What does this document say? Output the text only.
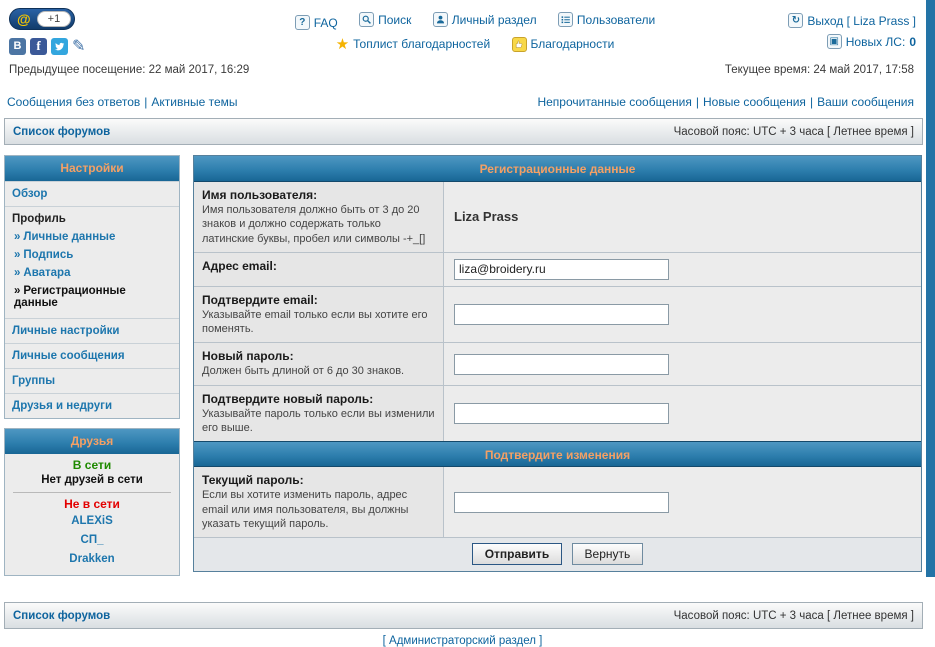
@	+1
В	f	✎
? FAQ
	Поиск
	Личный раздел
	Пользователи
★ Топлист благодарностей
	Благодарности
↻ Выход [ Liza Prass ]
▣ Новых ЛС: 0
Предыдущее посещение: 22 май 2017, 16:29	Текущее время: 24 май 2017, 17:58
Сообщения без ответов | Активные темы	Непрочитанные сообщения | Новые сообщения | Ваши сообщения
Список форумов	Часовой пояс: UTC + 3 часа [ Летнее время ]
Настройки
Обзор
Профиль
» Личные данные
» Подпись
» Аватара
» Регистрационные данные
Личные настройки
Личные сообщения
Группы
Друзья и недруги
Друзья
В сети
Нет друзей в сети
Не в сети
ALEXiS
СП_
Drakken
Регистрационные данные
Имя пользователя:
Имя пользователя должно быть от 3 до 20 знаков и должно содержать только латинские буквы, пробел или символы -+_[]
Liza Prass
Адрес email:
liza@broidery.ru
Подтвердите email:
Указывайте email только если вы хотите его поменять.
Новый пароль:
Должен быть длиной от 6 до 30 знаков.
Подтвердите новый пароль:
Указывайте пароль только если вы изменили его выше.
Подтвердите изменения
Текущий пароль:
Если вы хотите изменить пароль, адрес email или имя пользователя, вы должны указать текущий пароль.
Отправить	Вернуть
Список форумов	Часовой пояс: UTC + 3 часа [ Летнее время ]
[ Администраторский раздел ]
